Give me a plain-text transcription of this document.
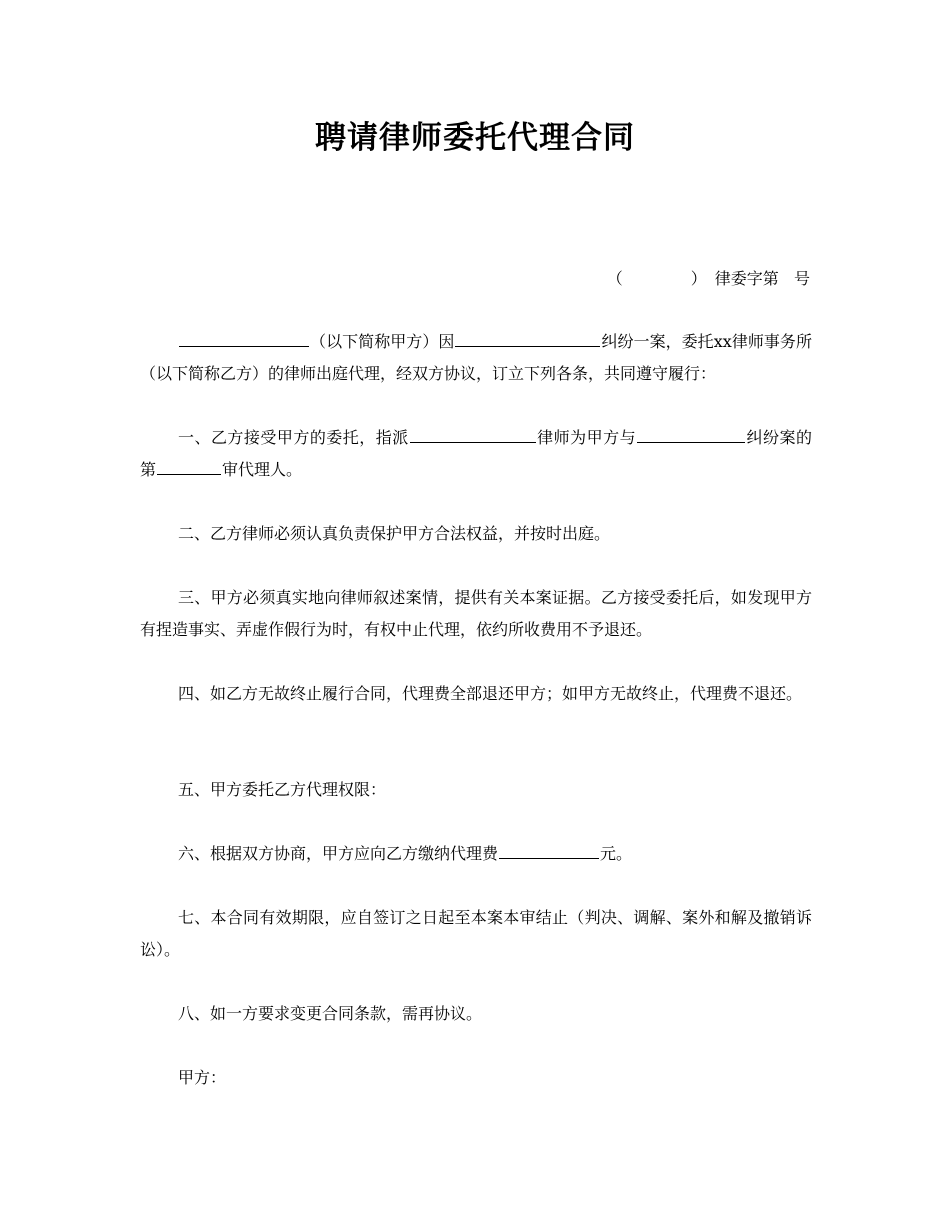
聘请律师委托代理合同
（	）　 律委字第   号
（以下简称甲方）因	纠纷一案，委托xx律师事务所（以下简称乙方）的律师出庭代理，经双方协议，订立下列各条，共同遵守履行：
一、乙方接受甲方的委托，指派	律师为甲方与	纠纷案的第	审代理人。
二、乙方律师必须认真负责保护甲方合法权益，并按时出庭。
三、甲方必须真实地向律师叙述案情，提供有关本案证据。乙方接受委托后，如发现甲方有捏造事实、弄虚作假行为时，有权中止代理，依约所收费用不予退还。
四、如乙方无故终止履行合同，代理费全部退还甲方；如甲方无故终止，代理费不退还。
五、甲方委托乙方代理权限：
六、根据双方协商，甲方应向乙方缴纳代理费	元。
七、本合同有效期限，应自签订之日起至本案本审结止（判决、调解、案外和解及撤销诉讼）。
八、如一方要求变更合同条款，需再协议。
甲方：
